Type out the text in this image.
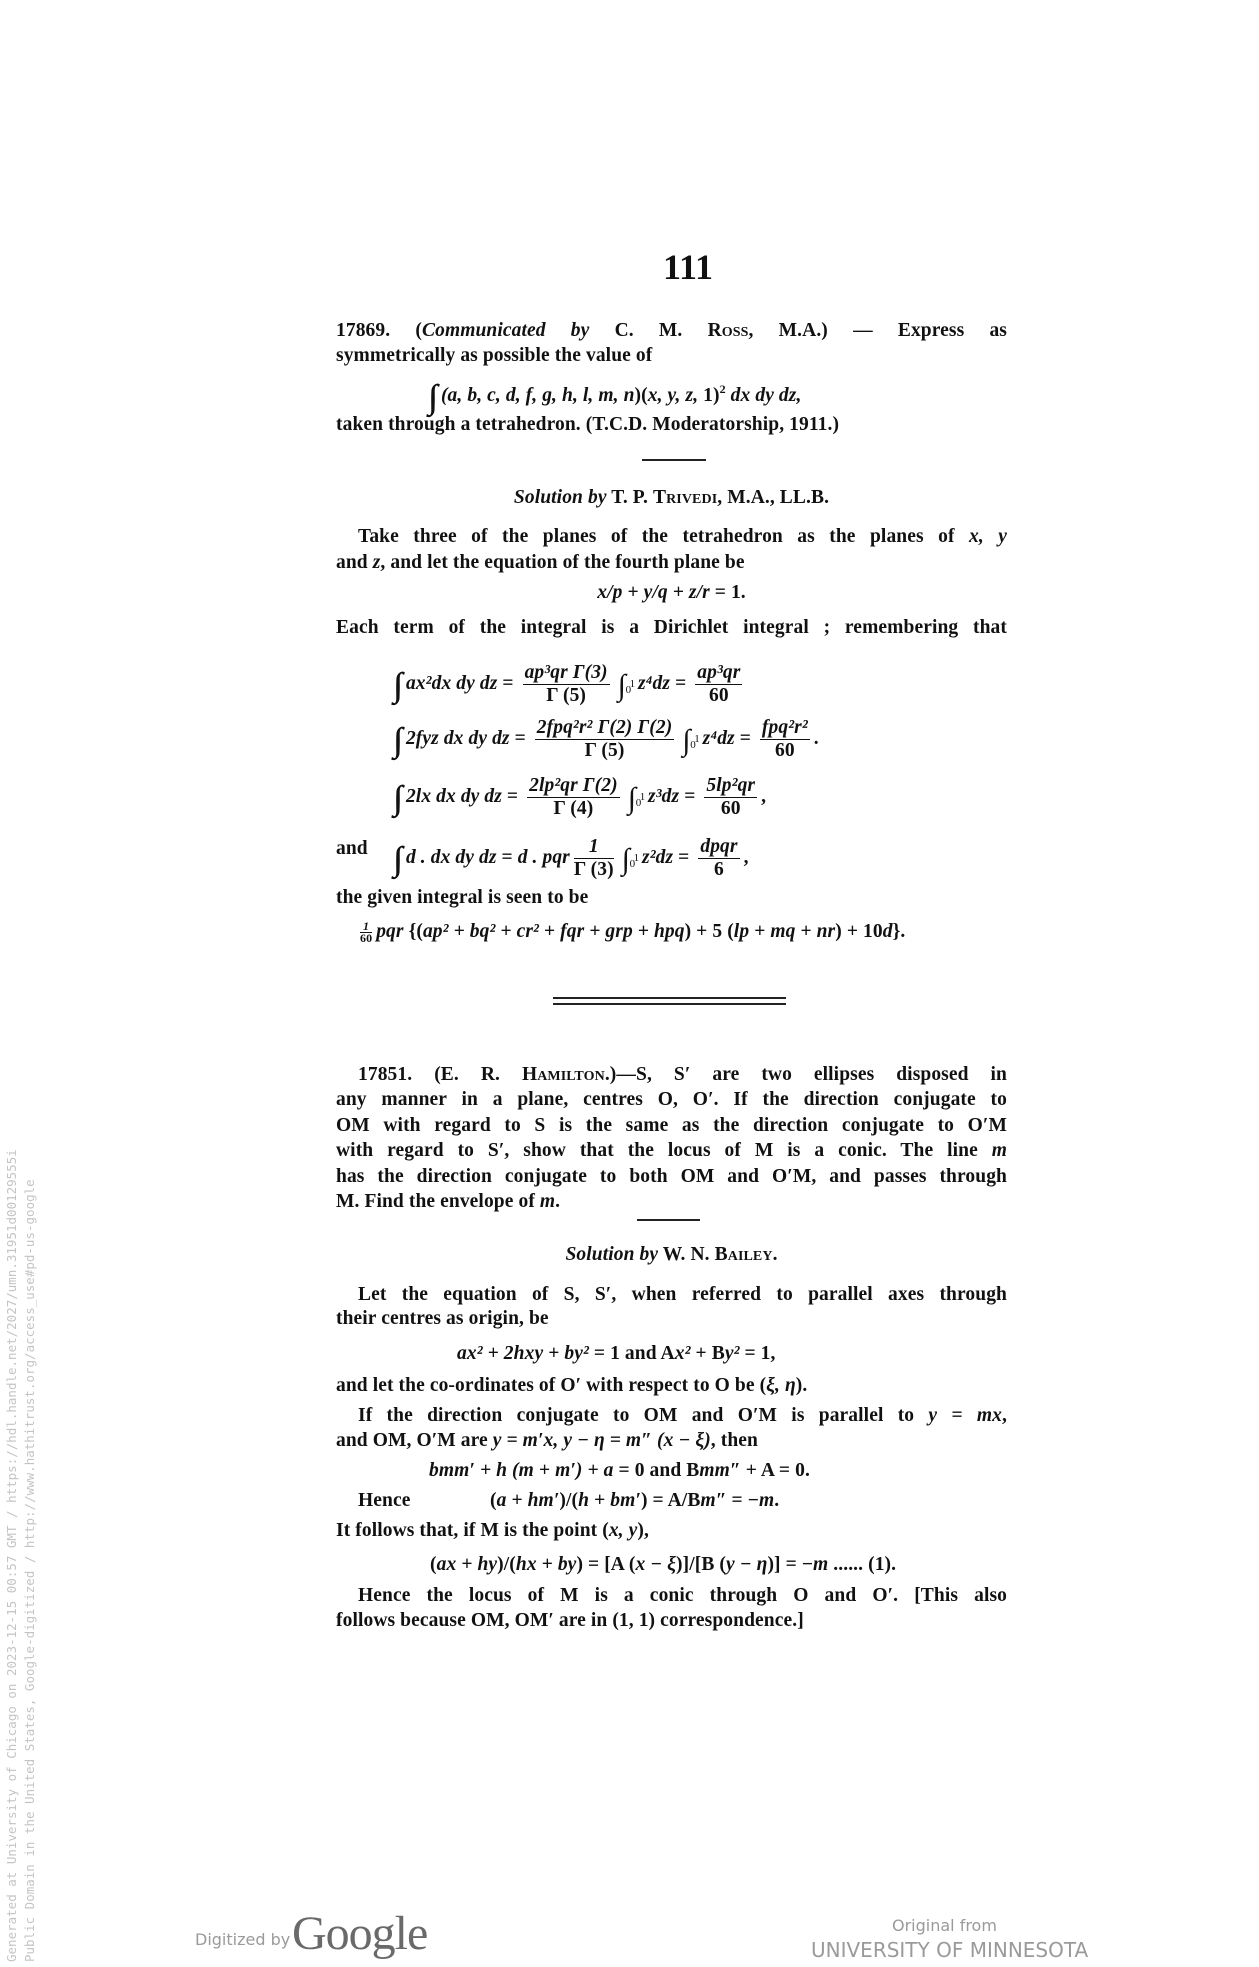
111
17869. (Communicated by C. M. Ross, M.A.) — Express as
symmetrically as possible the value of
∫∫∫ (a, b, c, d, f, g, h, l, m, n)(x, y, z, 1)$^2$ dx dy dz,
taken through a tetrahedron. (T.C.D. Moderatorship, 1911.)
Solution by T. P. Trivedi, M.A., LL.B.
Take three of the planes of the tetrahedron as the planes of x, y
and z, and let the equation of the fourth plane be
x/p + y/q + z/r = 1.
Each term of the integral is a Dirichlet integral ; remembering that
∫∫∫ ax²dx dy dz = $\frac{\text{ap³qr Γ(3)}}{\Gamma (5)}$ ∫ 1
0 $z^4dz = \frac{\text{ap³qr}}{60}$
∫∫∫ 2fyz dx dy dz = $\frac{\text{2fpq²r² Γ(2) Γ(2)}}{\Gamma (5)}$ ∫ 1
0 $z^4dz = \frac{\text{fpq²r²}}{60}$ .
∫∫∫ 2lx dx dy dz = $\frac{\text{2lp²qr Γ(2)}}{\Gamma (4)}$ ∫ 1
0 $z^3dz = \frac{\text{5lp²qr}}{60}$ ,
and ∫∫∫ d . dx dy dz = d . pqr $\frac{1}{\Gamma (3)}$ ∫ 1
0 $z^2dz = \frac{\text{dpqr}}{6}$ ,
the given integral is seen to be
$\frac{1}{60}$ pqr {(ap² + bq² + cr² + fqr + grp + hpq) + 5 (lp + mq + nr) + 10d}.
17851. (E. R. Hamilton.)—S, S′ are two ellipses disposed in
any manner in a plane, centres O, O′. If the direction conjugate to
OM with regard to S is the same as the direction conjugate to O′M
with regard to S′, show that the locus of M is a conic. The line m
has the direction conjugate to both OM and O′M, and passes through
M. Find the envelope of m.
Solution by W. N. Bailey.
Let the equation of S, S′, when referred to parallel axes through
their centres as origin, be
ax² + 2hxy + by² = 1 and Ax² + By² = 1,
and let the co-ordinates of O′ with respect to O be (ξ, η).
If the direction conjugate to OM and O′M is parallel to y = mx,
and OM, O′M are y = m′x, y − η = m″ (x − ξ), then
bmm′ + h (m + m′) + a = 0 and Bmm″ + A = 0.
Hence	(a + hm′)/(h + bm′) = A/Bm″ = −m.
It follows that, if M is the point (x, y),
(ax + hy)/(hx + by) = [A (x − ξ)]/[B (y − η)] = −m ...... (1).
Hence the locus of M is a conic through O and O′. [This also
follows because OM, OM′ are in (1, 1) correspondence.]
Generated at University of Chicago on 2023-12-15 00:57 GMT / https://hdl.handle.net/2027/umn.31951d00129555i Public Domain in the United States, Google-digitized / http://www.hathitrust.org/access_use#pd-us-google	Digitized by Google	Original from
UNIVERSITY OF MINNESOTA
